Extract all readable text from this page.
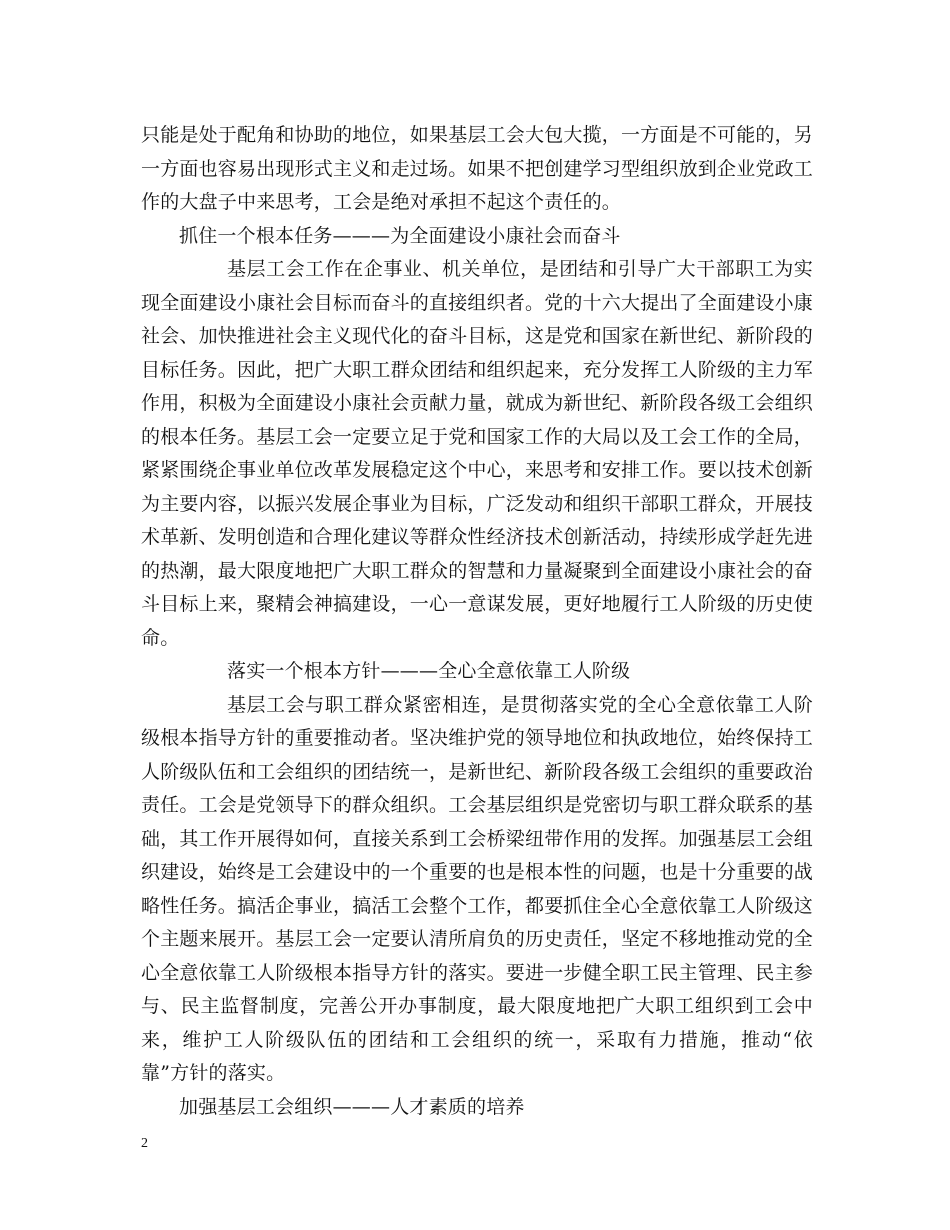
只能是处于配角和协助的地位，如果基层工会大包大揽，一方面是不可能的，另一方面也容易出现形式主义和走过场。如果不把创建学习型组织放到企业党政工作的大盘子中来思考，工会是绝对承担不起这个责任的。

抓住一个根本任务———为全面建设小康社会而奋斗

基层工会工作在企事业、机关单位，是团结和引导广大干部职工为实现全面建设小康社会目标而奋斗的直接组织者。党的十六大提出了全面建设小康社会、加快推进社会主义现代化的奋斗目标，这是党和国家在新世纪、新阶段的目标任务。因此，把广大职工群众团结和组织起来，充分发挥工人阶级的主力军作用，积极为全面建设小康社会贡献力量，就成为新世纪、新阶段各级工会组织的根本任务。基层工会一定要立足于党和国家工作的大局以及工会工作的全局，紧紧围绕企事业单位改革发展稳定这个中心，来思考和安排工作。要以技术创新为主要内容，以振兴发展企事业为目标，广泛发动和组织干部职工群众，开展技术革新、发明创造和合理化建议等群众性经济技术创新活动，持续形成学赶先进的热潮，最大限度地把广大职工群众的智慧和力量凝聚到全面建设小康社会的奋斗目标上来，聚精会神搞建设，一心一意谋发展，更好地履行工人阶级的历史使命。

落实一个根本方针———全心全意依靠工人阶级

基层工会与职工群众紧密相连，是贯彻落实党的全心全意依靠工人阶级根本指导方针的重要推动者。坚决维护党的领导地位和执政地位，始终保持工人阶级队伍和工会组织的团结统一，是新世纪、新阶段各级工会组织的重要政治责任。工会是党领导下的群众组织。工会基层组织是党密切与职工群众联系的基础，其工作开展得如何，直接关系到工会桥梁纽带作用的发挥。加强基层工会组织建设，始终是工会建设中的一个重要的也是根本性的问题，也是十分重要的战略性任务。搞活企事业，搞活工会整个工作，都要抓住全心全意依靠工人阶级这个主题来展开。基层工会一定要认清所肩负的历史责任，坚定不移地推动党的全心全意依靠工人阶级根本指导方针的落实。要进一步健全职工民主管理、民主参与、民主监督制度，完善公开办事制度，最大限度地把广大职工组织到工会中来，维护工人阶级队伍的团结和工会组织的统一，采取有力措施，推动“依靠”方针的落实。

加强基层工会组织———人才素质的培养

2
